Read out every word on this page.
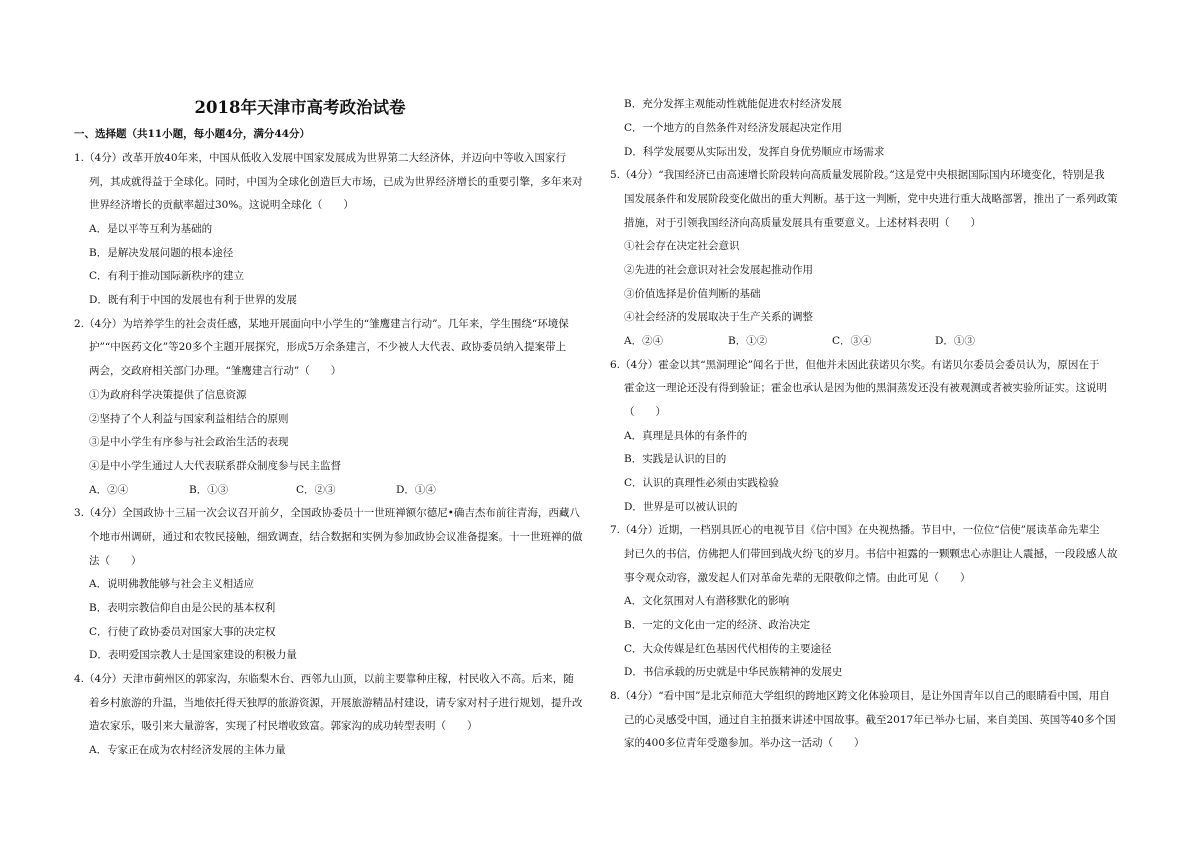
2018年天津市高考政治试卷

一、选择题（共11小题，每小题4分，满分44分）

1.（4分）改革开放40年来，中国从低收入发展中国家发展成为世界第二大经济体，并迈向中等收入国家行

列，其成就得益于全球化。同时，中国为全球化创造巨大市场，已成为世界经济增长的重要引擎，多年来对

世界经济增长的贡献率超过30%。这说明全球化（　　）

A．是以平等互利为基础的

B．是解决发展问题的根本途径

C．有利于推动国际新秩序的建立

D．既有利于中国的发展也有利于世界的发展

2.（4分）为培养学生的社会责任感，某地开展面向中小学生的“雏鹰建言行动”。几年来，学生围绕“环境保

护”“中医药文化”等20多个主题开展探究，形成5万余条建言，不少被人大代表、政协委员纳入提案带上

两会，交政府相关部门办理。“雏鹰建言行动”（　　）

①为政府科学决策提供了信息资源

②坚持了个人利益与国家利益相结合的原则

③是中小学生有序参与社会政治生活的表现

④是中小学生通过人大代表联系群众制度参与民主监督

A．②④	B．①③	C．②③	D．①④

3.（4分）全国政协十三届一次会议召开前夕，全国政协委员十一世班禅额尔德尼•确吉杰布前往青海，西藏八

个地市州调研，通过和农牧民接触，细致调查，结合数据和实例为参加政协会议准备提案。十一世班禅的做

法（　　）

A．说明佛教能够与社会主义相适应

B．表明宗教信仰自由是公民的基本权利

C．行使了政协委员对国家大事的决定权

D．表明爱国宗教人士是国家建设的积极力量

4.（4分）天津市蓟州区的郭家沟，东临梨木台、西邻九山顶，以前主要靠种庄稼，村民收入不高。后来，随

着乡村旅游的升温，当地依托得天独厚的旅游资源，开展旅游精品村建设，请专家对村子进行规划，提升改

造农家乐，吸引来大量游客，实现了村民增收致富。郭家沟的成功转型表明（　　）

A．专家正在成为农村经济发展的主体力量

B．充分发挥主观能动性就能促进农村经济发展

C．一个地方的自然条件对经济发展起决定作用

D．科学发展要从实际出发，发挥自身优势顺应市场需求

5.（4分）“我国经济已由高速增长阶段转向高质量发展阶段。”这是党中央根据国际国内环境变化，特别是我

国发展条件和发展阶段变化做出的重大判断。基于这一判断，党中央进行重大战略部署，推出了一系列政策

措施，对于引领我国经济向高质量发展具有重要意义。上述材料表明（　　）

①社会存在决定社会意识

②先进的社会意识对社会发展起推动作用

③价值选择是价值判断的基础

④社会经济的发展取决于生产关系的调整

A．②④	B．①②	C．③④	D．①③

6.（4分）霍金以其“黑洞理论”闻名于世，但他并未因此获诺贝尔奖。有诺贝尔委员会委员认为，原因在于

霍金这一理论还没有得到验证；霍金也承认是因为他的黑洞蒸发还没有被观测或者被实验所证实。这说明

（　　）

A．真理是具体的有条件的

B．实践是认识的目的

C．认识的真理性必须由实践检验

D．世界是可以被认识的

7.（4分）近期，一档别具匠心的电视节目《信中国》在央视热播。节目中，一位位“信使”展读革命先辈尘

封已久的书信，仿佛把人们带回到战火纷飞的岁月。书信中袒露的一颗颗忠心赤胆让人震撼，一段段感人故

事令观众动容，激发起人们对革命先辈的无限敬仰之情。由此可见（　　）

A．文化氛围对人有潜移默化的影响

B．一定的文化由一定的经济、政治决定

C．大众传媒是红色基因代代相传的主要途径

D．书信承载的历史就是中华民族精神的发展史

8.（4分）“看中国”是北京师范大学组织的跨地区跨文化体验项目，是让外国青年以自己的眼睛看中国，用自

己的心灵感受中国，通过自主拍摄来讲述中国故事。截至2017年已举办七届，来自美国、英国等40多个国

家的400多位青年受邀参加。举办这一活动（　　）
